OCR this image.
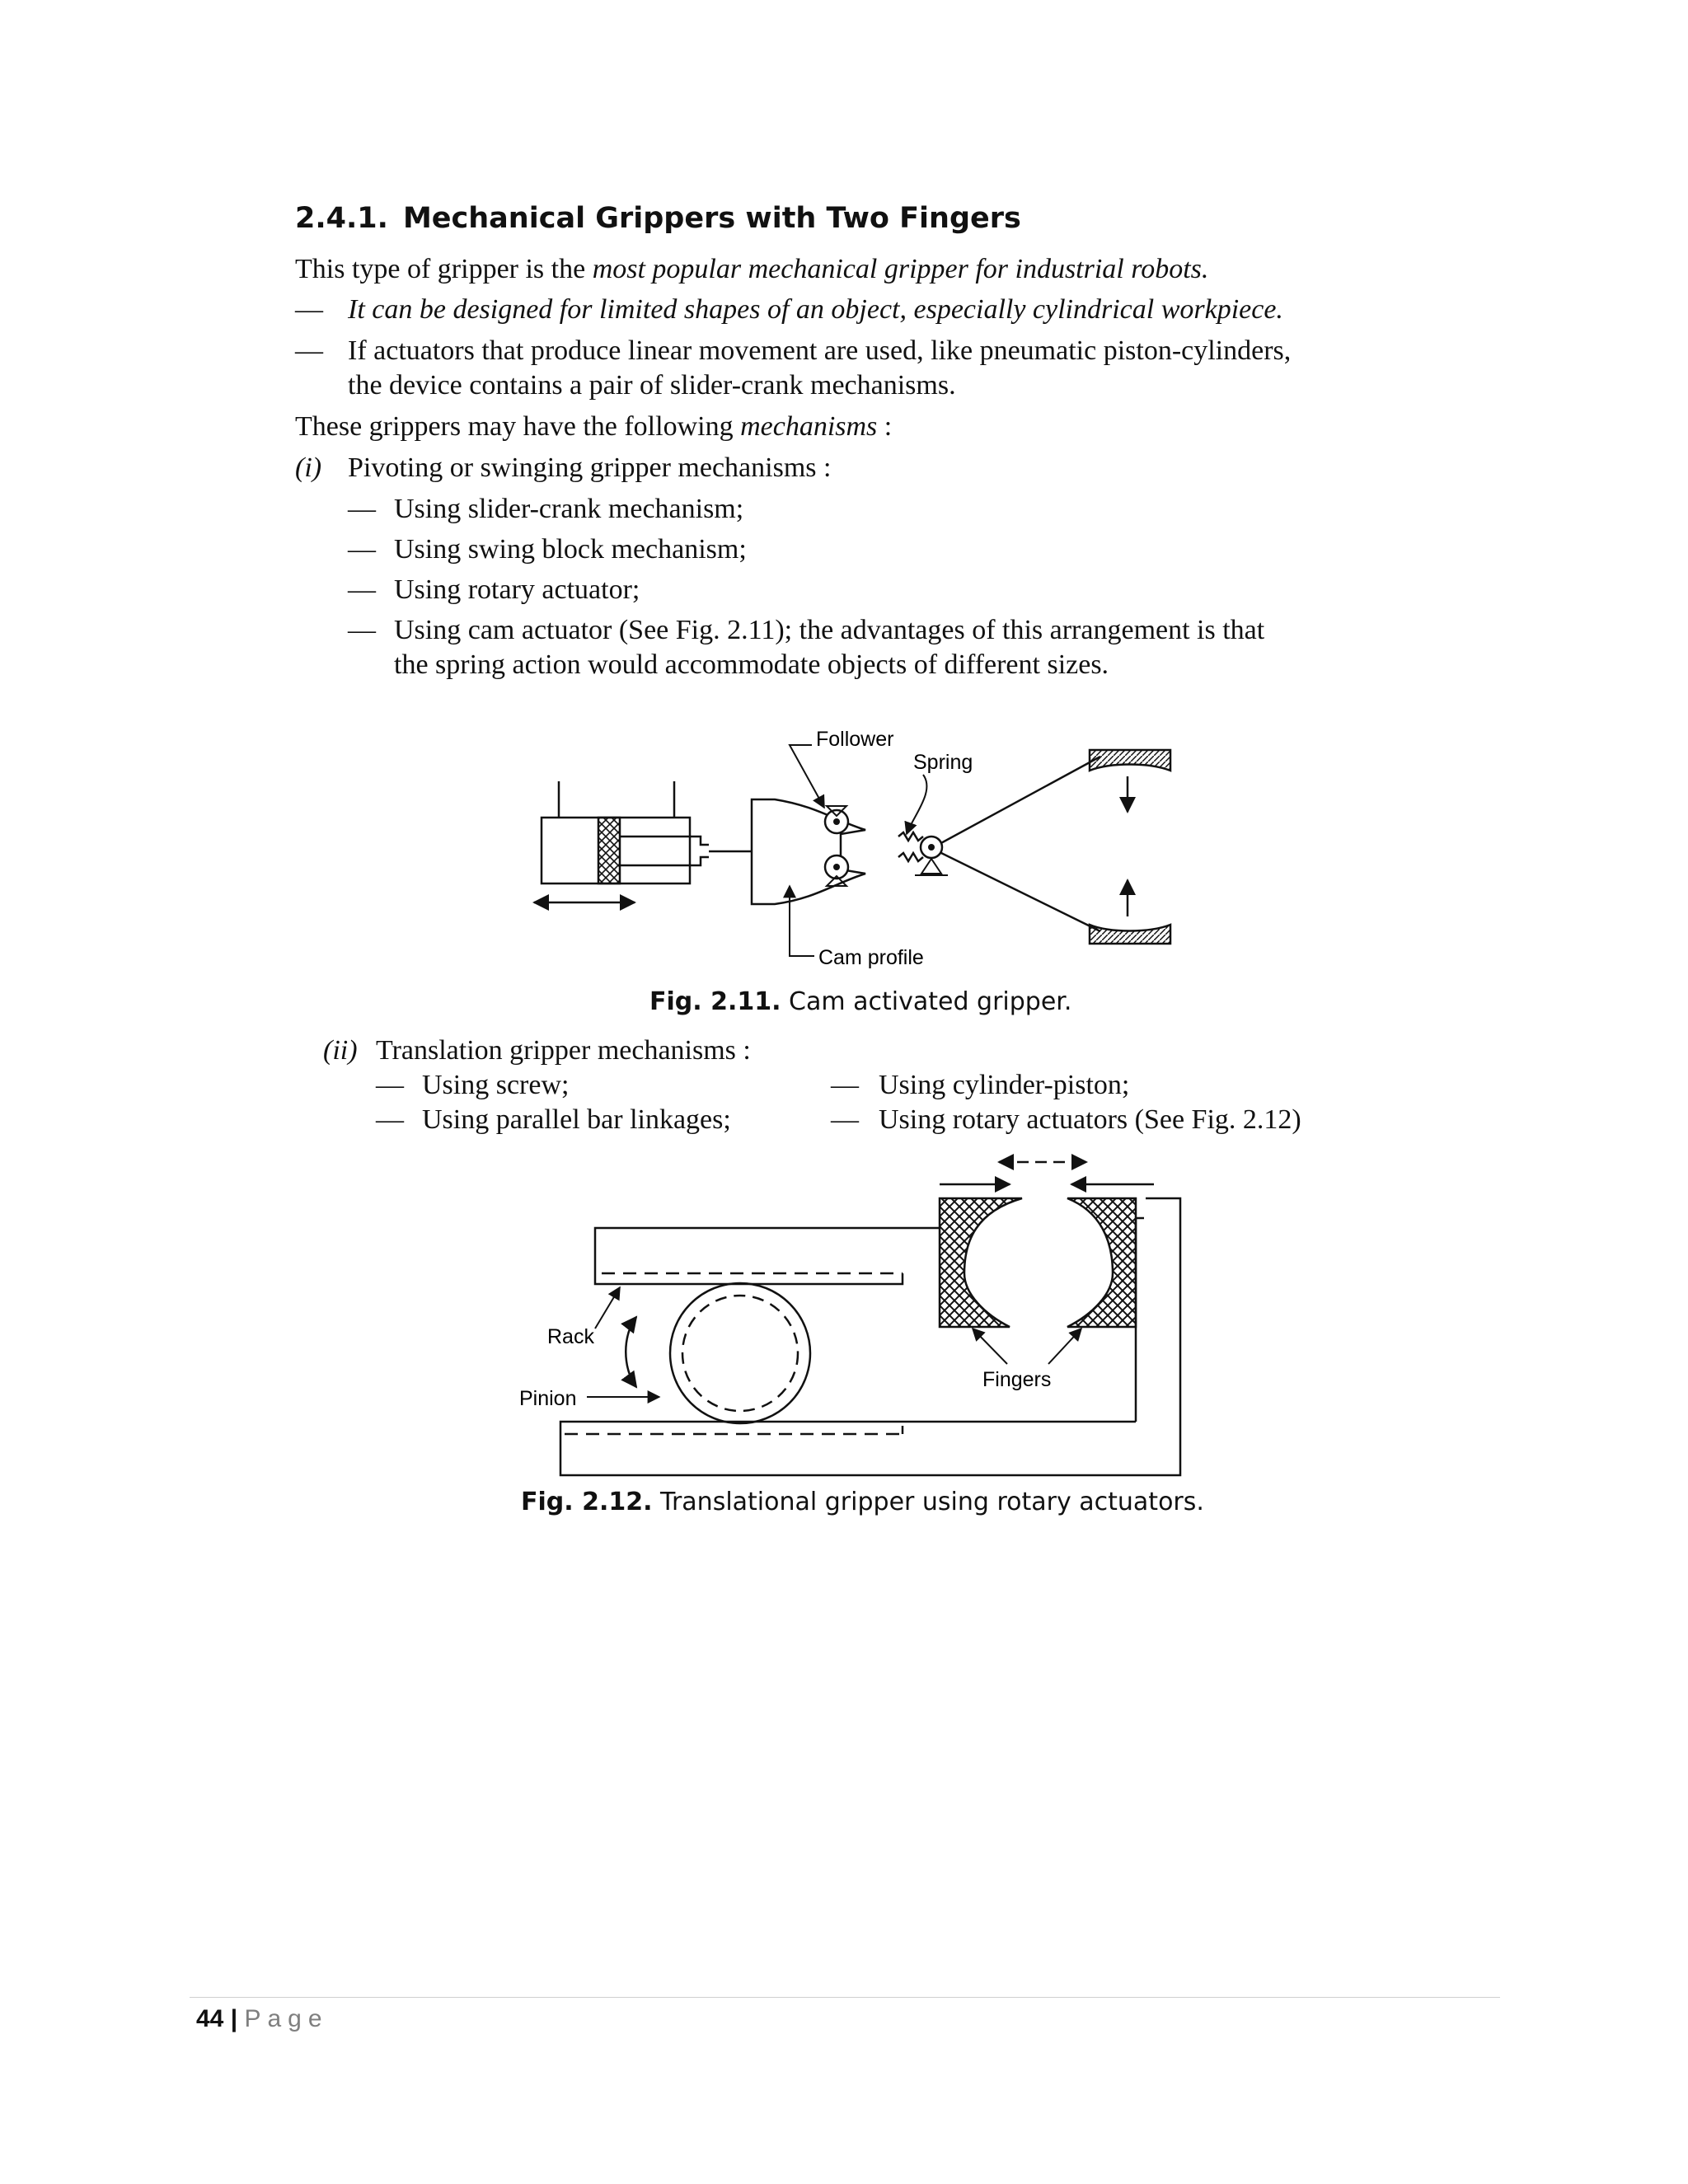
2.4.1. Mechanical Grippers with Two Fingers
This type of gripper is the most popular mechanical gripper for industrial robots.
— It can be designed for limited shapes of an object, especially cylindrical workpiece.
— If actuators that produce linear movement are used, like pneumatic piston-cylinders,
the device contains a pair of slider-crank mechanisms.
These grippers may have the following mechanisms :
(i) Pivoting or swinging gripper mechanisms :
— Using slider-crank mechanism;
— Using swing block mechanism;
— Using rotary actuator;
— Using cam actuator (See Fig. 2.11); the advantages of this arrangement is that
the spring action would accommodate objects of different sizes.
Follower
Spring
Cam profile
Fig. 2.11. Cam activated gripper.
(ii) Translation gripper mechanisms :
— Using screw;
— Using parallel bar linkages;
— Using cylinder-piston;
— Using rotary actuators (See Fig. 2.12)
Rack
Pinion
Fingers
Fig. 2.12. Translational gripper using rotary actuators.
44 | Page
